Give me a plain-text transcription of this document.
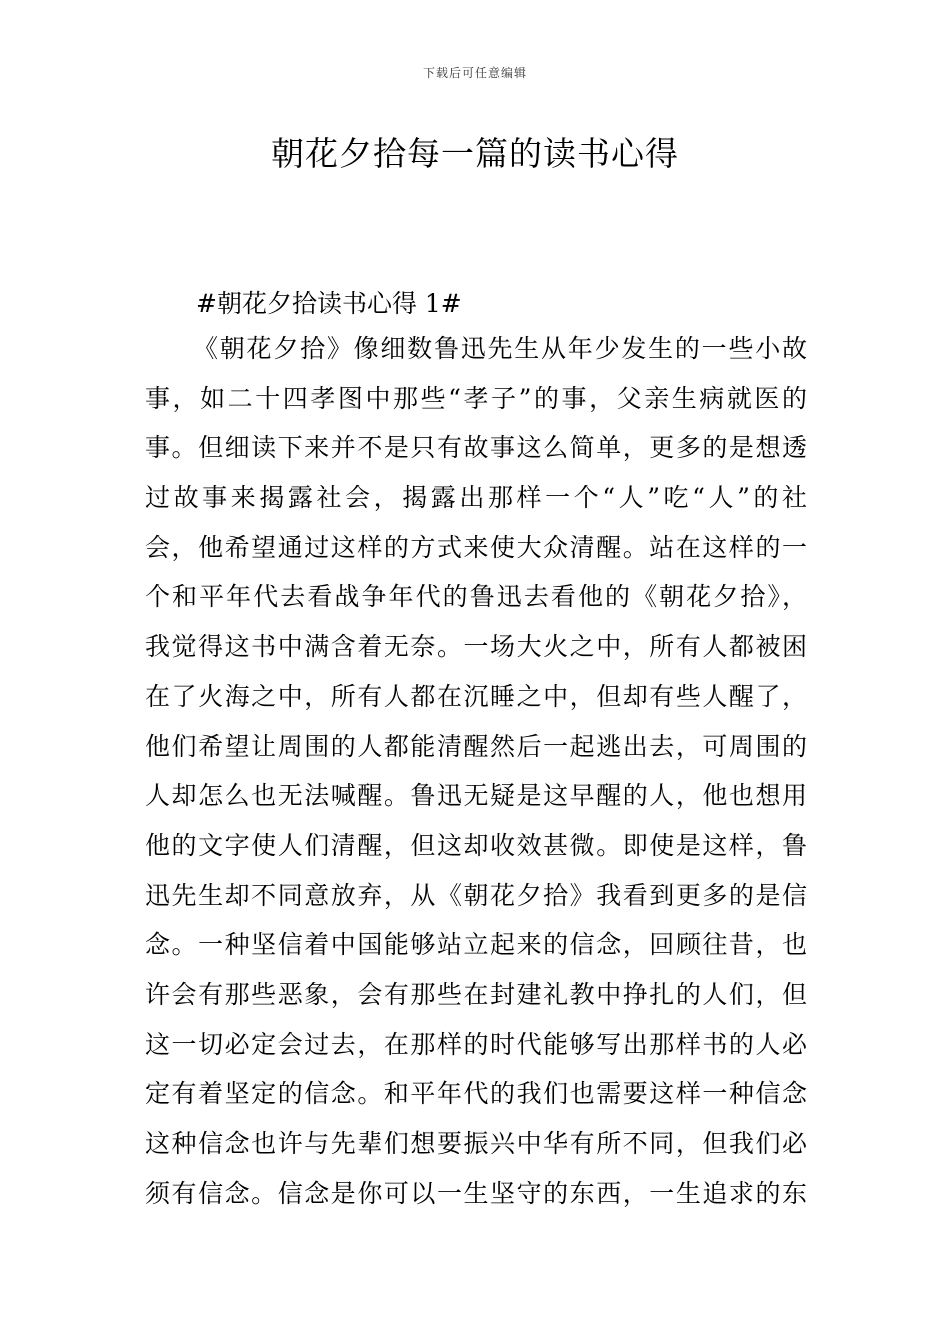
下载后可任意编辑
朝花夕拾每一篇的读书心得
#朝花夕拾读书心得 1#
《朝花夕拾》像细数鲁迅先生从年少发生的一些小故
事，如二十四孝图中那些“孝子”的事，父亲生病就医的
事。但细读下来并不是只有故事这么简单，更多的是想透
过故事来揭露社会，揭露出那样一个“人”吃“人”的社
会，他希望通过这样的方式来使大众清醒。站在这样的一
个和平年代去看战争年代的鲁迅去看他的《朝花夕拾》，
我觉得这书中满含着无奈。一场大火之中，所有人都被困
在了火海之中，所有人都在沉睡之中，但却有些人醒了，
他们希望让周围的人都能清醒然后一起逃出去，可周围的
人却怎么也无法喊醒。鲁迅无疑是这早醒的人，他也想用
他的文字使人们清醒，但这却收效甚微。即使是这样，鲁
迅先生却不同意放弃，从《朝花夕拾》我看到更多的是信
念。一种坚信着中国能够站立起来的信念，回顾往昔，也
许会有那些恶象，会有那些在封建礼教中挣扎的人们，但
这一切必定会过去，在那样的时代能够写出那样书的人必
定有着坚定的信念。和平年代的我们也需要这样一种信念
这种信念也许与先辈们想要振兴中华有所不同，但我们必
须有信念。信念是你可以一生坚守的东西，一生追求的东
